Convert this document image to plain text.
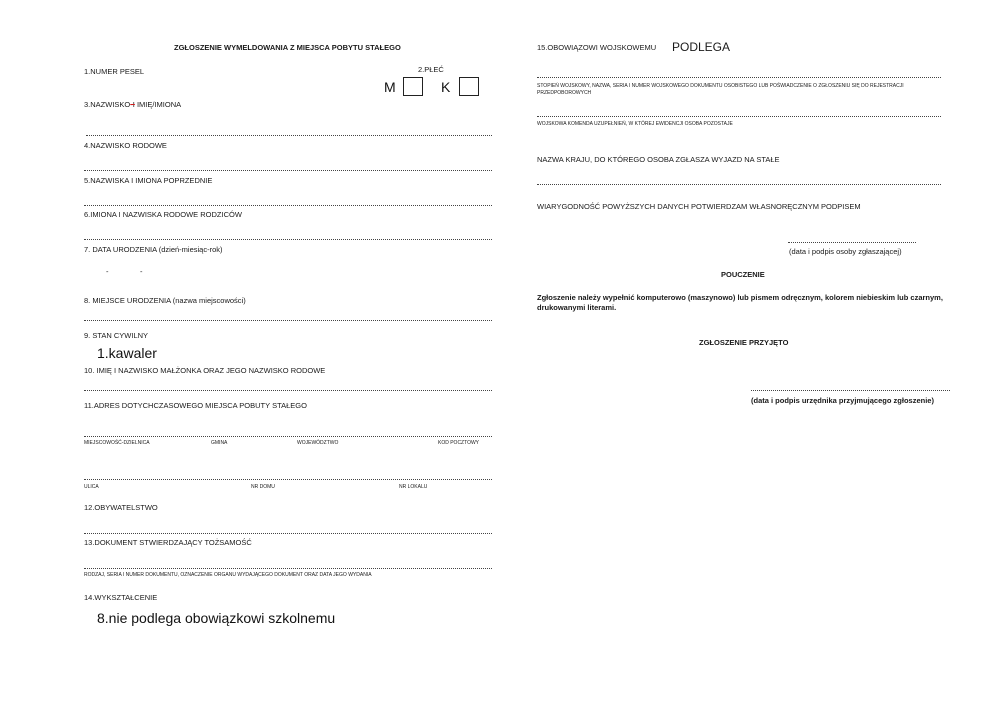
ZGŁOSZENIE WYMELDOWANIA Z MIEJSCA POBYTU STAŁEGO
1.NUMER PESEL	2.PŁEĆ
M	K
3.NAZWISKO-I IMIĘ/IMIONA
4.NAZWISKO RODOWE
5.NAZWISKA I IMIONA POPRZEDNIE
6.IMIONA I NAZWISKA RODOWE RODZICÓW
7. DATA URODZENIA (dzień-miesiąc-rok)
-	-
8. MIEJSCE URODZENIA (nazwa miejscowości)
9. STAN CYWILNY
1.kawaler
10. IMIĘ I NAZWISKO MAŁŻONKA ORAZ JEGO NAZWISKO RODOWE
11.ADRES DOTYCHCZASOWEGO MIEJSCA POBUTY STAŁEGO
MIEJSCOWOŚĆ-DZIELNICA	GMINA	WOJEWÓDZTWO	KOD POCZTOWY
ULICA	NR DOMU	NR LOKALU
12.OBYWATELSTWO
13.DOKUMENT STWIERDZAJĄCY TOŻSAMOŚĆ
RODZAJ, SERIA I NUMER DOKUMENTU, OZNACZENIE ORGANU WYDAJĄCEGO DOKUMENT ORAZ DATA JEGO WYDANIA
14.WYKSZTAŁCENIE
8.nie podlega obowiązkowi szkolnemu
15.OBOWIĄZOWI WOJSKOWEMU PODLEGA
STOPIEŃ WOJSKOWY, NAZWA, SERIA I NUMER WOJSKOWEGO DOKUMENTU OSOBISTEGO LUB POŚWIADCZENIE O ZGŁOSZENIU SIĘ DO REJESTRACJI PRZEDPOBOROWYCH
WOJSKOWA KOMENDA UZUPEŁNIEŃ, W KTÓREJ EWIDENCJI OSOBA POZOSTAJE
NAZWA KRAJU, DO KTÓREGO OSOBA ZGŁASZA WYJAZD NA STAŁE
WIARYGODNOŚĆ POWYŻSZYCH DANYCH POTWIERDZAM WŁASNORĘCZNYM PODPISEM
(data i podpis osoby zgłaszającej)
POUCZENIE
Zgłoszenie należy wypełnić komputerowo (maszynowo) lub pismem odręcznym, kolorem niebieskim lub czarnym, drukowanymi literami.
ZGŁOSZENIE PRZYJĘTO
(data i podpis urzędnika przyjmującego zgłoszenie)
